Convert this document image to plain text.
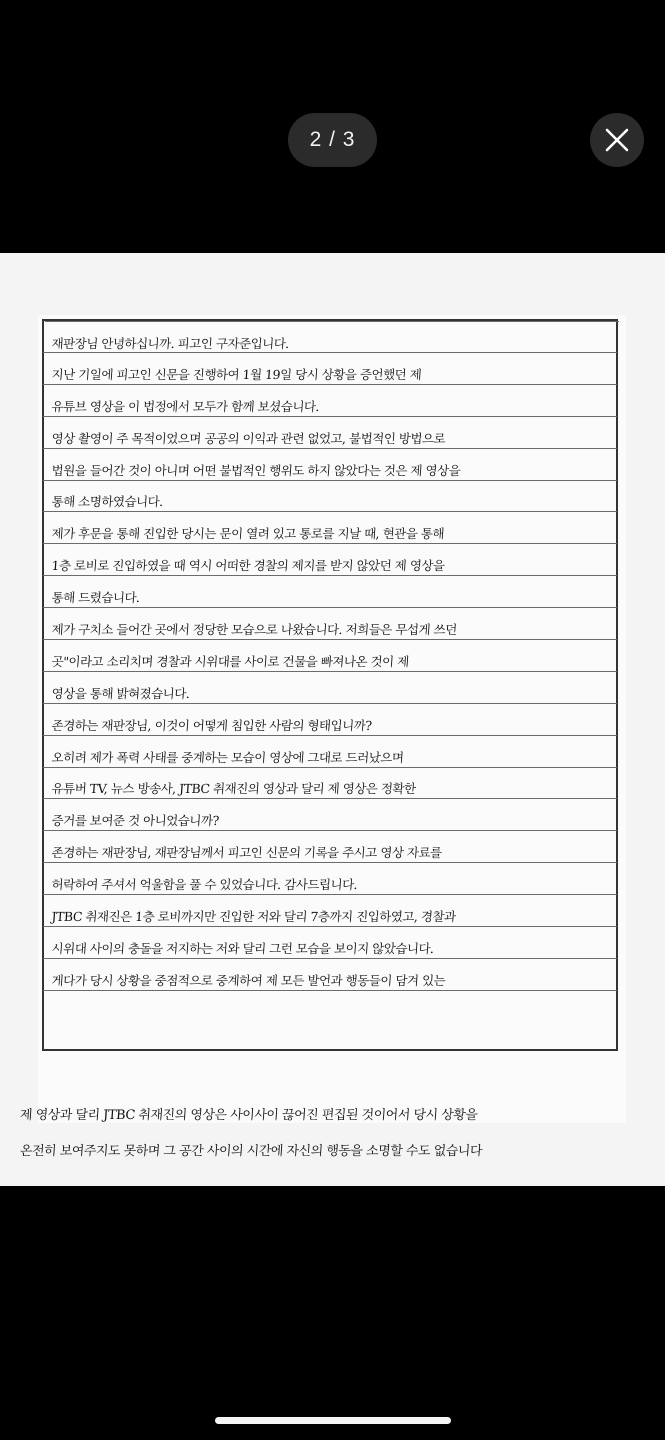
2 / 3
재판장님 안녕하십니까. 피고인 구자준입니다.
지난 기일에 피고인 신문을 진행하여 1월 19일 당시 상황을 증언했던 제
유튜브 영상을 이 법정에서 모두가 함께 보셨습니다.
영상 촬영이 주 목적이었으며 공공의 이익과 관련 없었고, 불법적인 방법으로
법원을 들어간 것이 아니며 어떤 불법적인 행위도 하지 않았다는 것은 제 영상을
통해 소명하였습니다.
제가 후문을 통해 진입한 당시는 문이 열려 있고 통로를 지날 때, 현관을 통해
1층 로비로 진입하였을 때 역시 어떠한 경찰의 제지를 받지 않았던 제 영상을
통해 드렸습니다.
제가 구치소 들어간 곳에서 정당한 모습으로 나왔습니다. 저희들은 무섭게 쓰던
곳"이라고 소리치며 경찰과 시위대를 사이로 건물을 빠져나온 것이 제
영상을 통해 밝혀졌습니다.
존경하는 재판장님, 이것이 어떻게 침입한 사람의 형태입니까?
오히려 제가 폭력 사태를 중계하는 모습이 영상에 그대로 드러났으며
유튜버 TV, 뉴스 방송사, JTBC 취재진의 영상과 달리 제 영상은 정확한
증거를 보여준 것 아니었습니까?
존경하는 재판장님, 재판장님께서 피고인 신문의 기록을 주시고 영상 자료를
허락하여 주셔서 억울함을 풀 수 있었습니다. 감사드립니다.
JTBC 취재진은 1층 로비까지만 진입한 저와 달리 7층까지 진입하였고, 경찰과
시위대 사이의 충돌을 저지하는 저와 달리 그런 모습을 보이지 않았습니다.
게다가 당시 상황을 중점적으로 중계하여 제 모든 발언과 행동들이 담겨 있는
제 영상과 달리 JTBC 취재진의 영상은 사이사이 끊어진 편집된 것이어서 당시 상황을
온전히 보여주지도 못하며 그 공간 사이의 시간에 자신의 행동을 소명할 수도 없습니다
